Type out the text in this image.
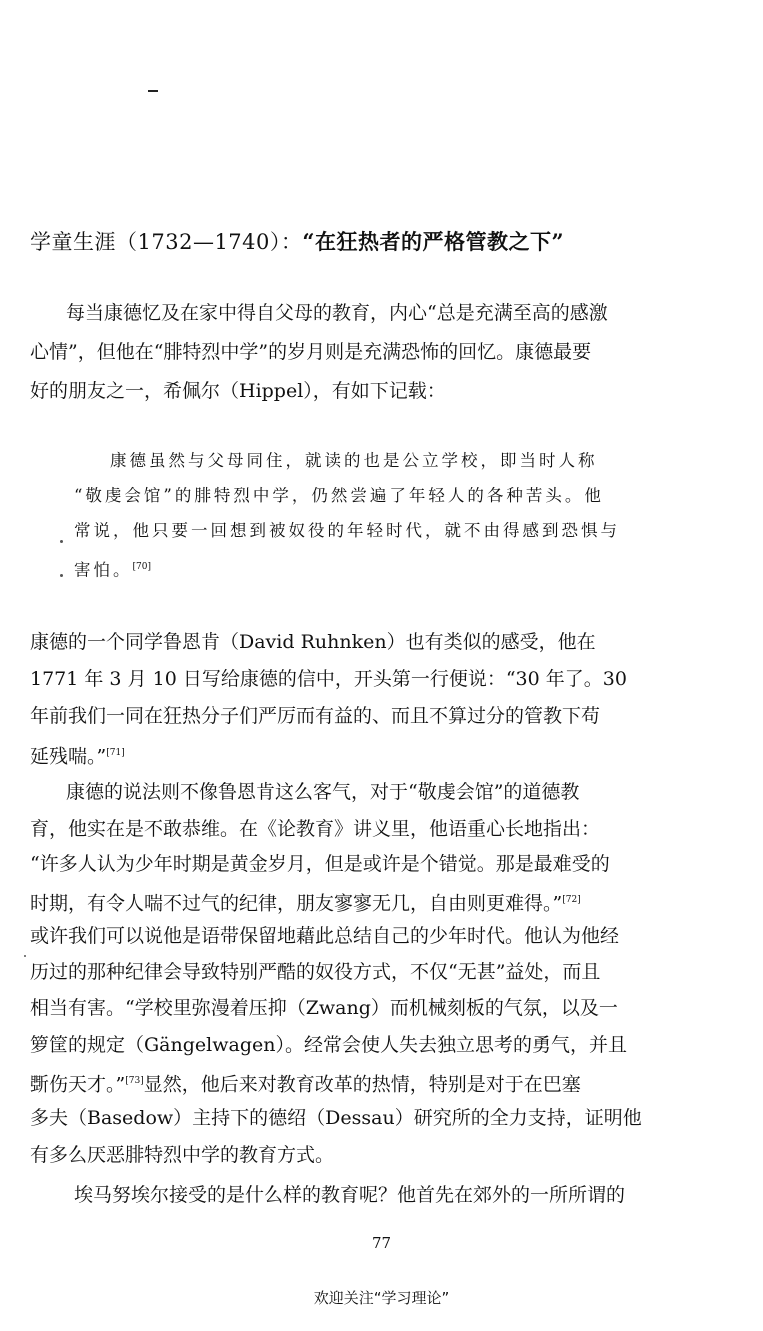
学童生涯（1732—1740）：“在狂热者的严格管教之下”
每当康德忆及在家中得自父母的教育，内心“总是充满至高的感激
心情”，但他在“腓特烈中学”的岁月则是充满恐怖的回忆。康德最要
好的朋友之一，希佩尔（Hippel），有如下记载：
康德虽然与父母同住，就读的也是公立学校，即当时人称
“敬虔会馆”的腓特烈中学，仍然尝遍了年轻人的各种苦头。他
常说，他只要一回想到被奴役的年轻时代，就不由得感到恐惧与
害怕。[70]
康德的一个同学鲁恩肯（David Ruhnken）也有类似的感受，他在
1771 年 3 月 10 日写给康德的信中，开头第一行便说：“30 年了。30
年前我们一同在狂热分子们严厉而有益的、而且不算过分的管教下苟
延残喘。”[71]
康德的说法则不像鲁恩肯这么客气，对于“敬虔会馆”的道德教
育，他实在是不敢恭维。在《论教育》讲义里，他语重心长地指出：
“许多人认为少年时期是黄金岁月，但是或许是个错觉。那是最难受的
时期，有令人喘不过气的纪律，朋友寥寥无几，自由则更难得。”[72]
或许我们可以说他是语带保留地藉此总结自己的少年时代。他认为他经
历过的那种纪律会导致特别严酷的奴役方式，不仅“无甚”益处，而且
相当有害。“学校里弥漫着压抑（Zwang）而机械刻板的气氛，以及一
箩筐的规定（Gängelwagen）。经常会使人失去独立思考的勇气，并且
斲伤天才。”[73]显然，他后来对教育改革的热情，特别是对于在巴塞
多夫（Basedow）主持下的德绍（Dessau）研究所的全力支持，证明他
有多么厌恶腓特烈中学的教育方式。
埃马努埃尔接受的是什么样的教育呢？他首先在郊外的一所所谓的
77
欢迎关注“学习理论”
